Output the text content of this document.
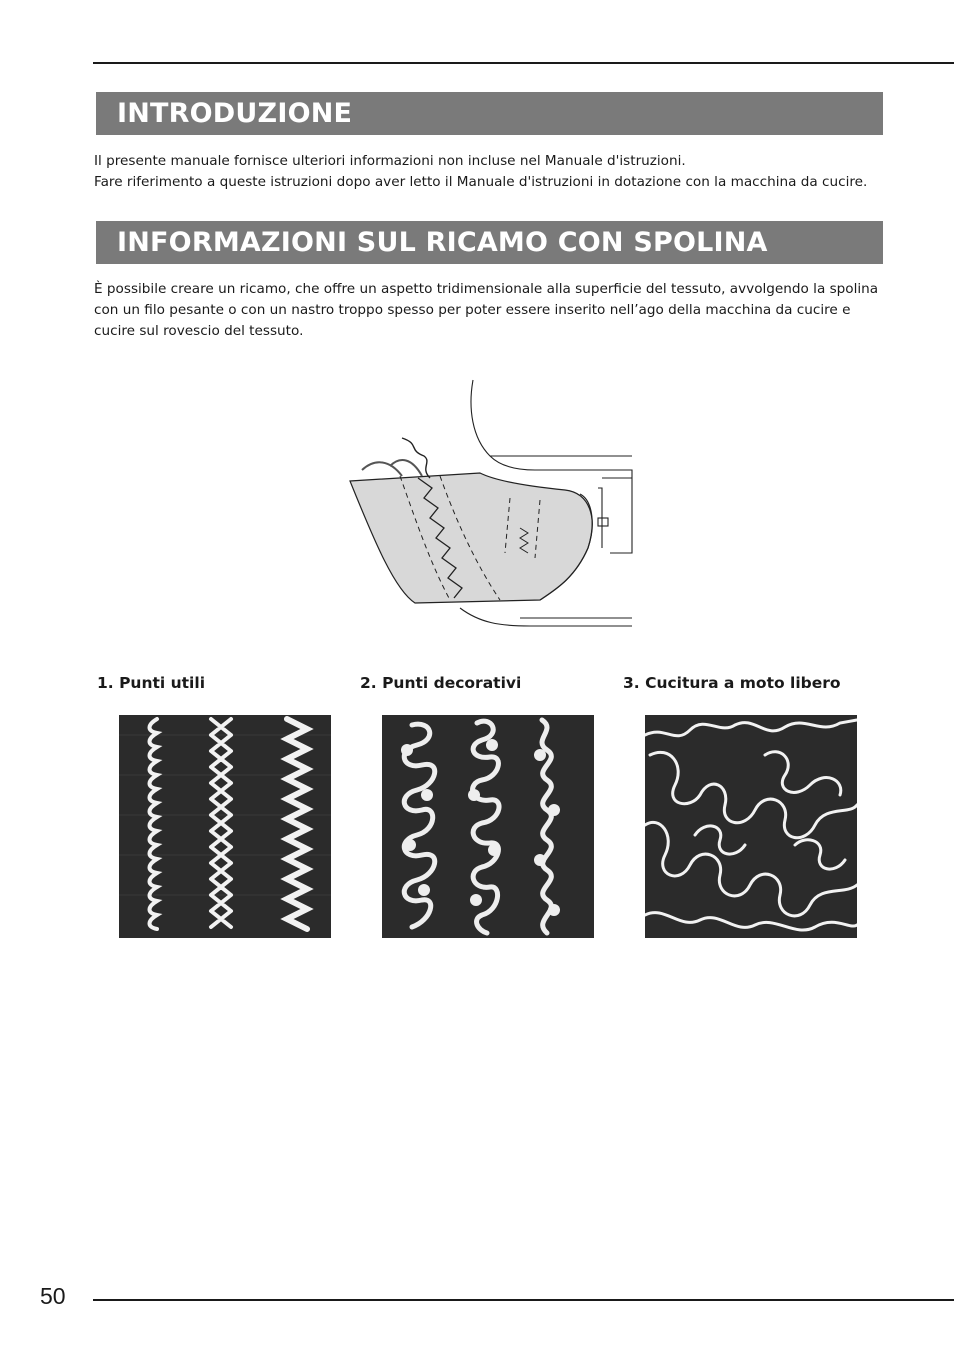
INTRODUZIONE

Il presente manuale fornisce ulteriori informazioni non incluse nel Manuale d'istruzioni.

Fare riferimento a queste istruzioni dopo aver letto il Manuale d'istruzioni in dotazione con la macchina da cucire.

INFORMAZIONI SUL RICAMO CON SPOLINA

È possibile creare un ricamo, che offre un aspetto tridimensionale alla superficie del tessuto, avvolgendo la spolina

con un filo pesante o con un nastro troppo spesso per poter essere inserito nell’ago della macchina da cucire e

cucire sul rovescio del tessuto.

1. Punti utili	2. Punti decorativi	3. Cucitura a moto libero
50
